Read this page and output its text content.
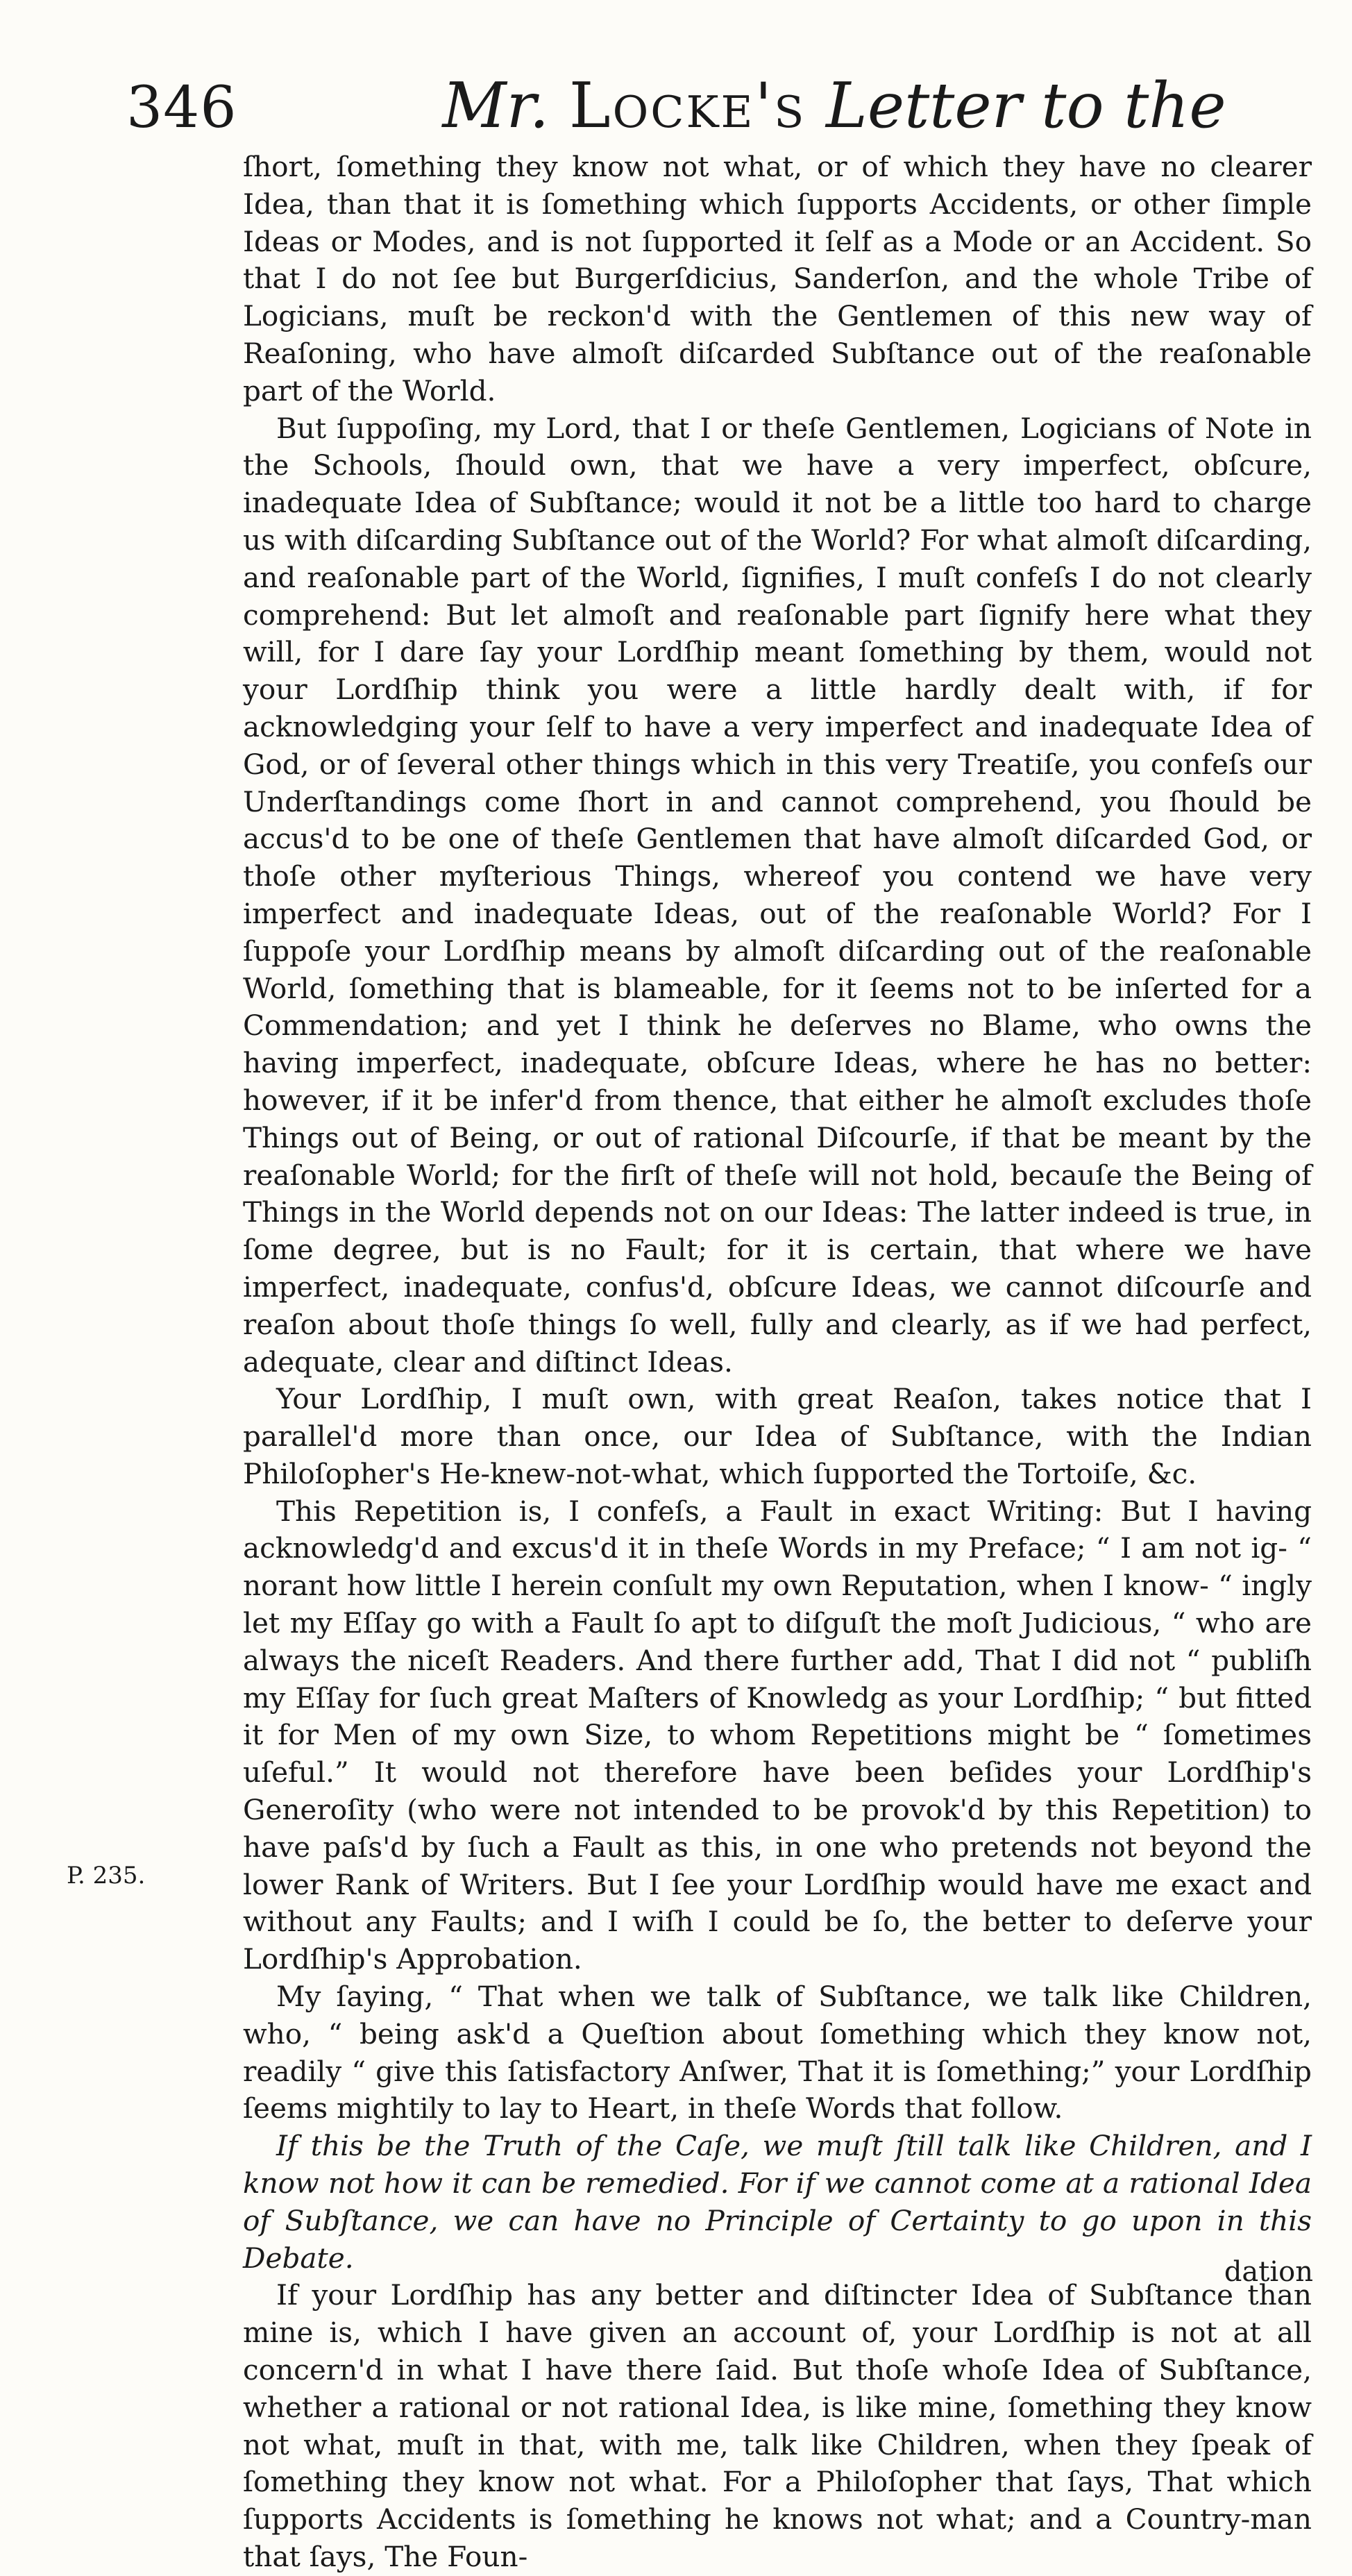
346	Mr. Locke's Letter to the

ſhort, ſomething they know not what, or of which they have no clearer Idea, than that it is ſomething which ſupports Accidents, or other ſimple Ideas or Modes, and is not ſupported it ſelf as a Mode or an Accident. So that I do not ſee but Burgerſdicius, Sanderſon, and the whole Tribe of Logicians, muſt be reckon'd with the Gentlemen of this new way of Reaſoning, who have almoſt diſcarded Subſtance out of the reaſonable part of the World.

But ſuppoſing, my Lord, that I or theſe Gentlemen, Logicians of Note in the Schools, ſhould own, that we have a very imperfect, obſcure, inadequate Idea of Subſtance; would it not be a little too hard to charge us with diſcarding Subſtance out of the World? For what almoſt diſcarding, and reaſonable part of the World, ſignifies, I muſt confeſs I do not clearly comprehend: But let almoſt and reaſonable part ſignify here what they will, for I dare ſay your Lordſhip meant ſomething by them, would not your Lordſhip think you were a little hardly dealt with, if for acknowledging your ſelf to have a very imperfect and inadequate Idea of God, or of ſeveral other things which in this very Treatiſe, you confeſs our Underſtandings come ſhort in and cannot comprehend, you ſhould be accus'd to be one of theſe Gentlemen that have almoſt diſcarded God, or thoſe other myſterious Things, whereof you contend we have very imperfect and inadequate Ideas, out of the reaſonable World? For I ſuppoſe your Lordſhip means by almoſt diſcarding out of the reaſonable World, ſomething that is blameable, for it ſeems not to be inſerted for a Commendation; and yet I think he deſerves no Blame, who owns the having imperfect, inadequate, obſcure Ideas, where he has no better: however, if it be infer'd from thence, that either he almoſt excludes thoſe Things out of Being, or out of rational Diſcourſe, if that be meant by the reaſonable World; for the firſt of theſe will not hold, becauſe the Being of Things in the World depends not on our Ideas: The latter indeed is true, in ſome degree, but is no Fault; for it is certain, that where we have imperfect, inadequate, confus'd, obſcure Ideas, we cannot diſcourſe and reaſon about thoſe things ſo well, fully and clearly, as if we had perfect, adequate, clear and diſtinct Ideas.

Your Lordſhip, I muſt own, with great Reaſon, takes notice that I parallel'd more than once, our Idea of Subſtance, with the Indian Philoſopher's He-knew-not-what, which ſupported the Tortoiſe, &c.

This Repetition is, I confeſs, a Fault in exact Writing: But I having acknowledg'd and excus'd it in theſe Words in my Preface; “ I am not ig- “ norant how little I herein conſult my own Reputation, when I know- “ ingly let my Eſſay go with a Fault ſo apt to diſguſt the moſt Judicious, “ who are always the niceſt Readers. And there further add, That I did not “ publiſh my Eſſay for ſuch great Maſters of Knowledg as your Lordſhip; “ but fitted it for Men of my own Size, to whom Repetitions might be “ ſometimes uſeful.” It would not therefore have been beſides your Lordſhip's Generoſity (who were not intended to be provok'd by this Repetition) to have paſs'd by ſuch a Fault as this, in one who pretends not beyond the lower Rank of Writers. But I ſee your Lordſhip would have me exact and without any Faults; and I wiſh I could be ſo, the better to deſerve your Lordſhip's Approbation.

My ſaying, “ That when we talk of Subſtance, we talk like Children, who, “ being ask'd a Queſtion about ſomething which they know not, readily “ give this ſatisfactory Anſwer, That it is ſomething;” your Lordſhip ſeems mightily to lay to Heart, in theſe Words that follow.

If this be the Truth of the Caſe, we muſt ſtill talk like Children, and I know not how it can be remedied. For if we cannot come at a rational Idea of Subſtance, we can have no Principle of Certainty to go upon in this Debate.

If your Lordſhip has any better and diſtincter Idea of Subſtance than mine is, which I have given an account of, your Lordſhip is not at all concern'd in what I have there ſaid. But thoſe whoſe Idea of Subſtance, whether a rational or not rational Idea, is like mine, ſomething they know not what, muſt in that, with me, talk like Children, when they ſpeak of ſomething they know not what. For a Philoſopher that ſays, That which ſupports Accidents is ſomething he knows not what; and a Country-man that ſays, The Foun-

P. 235.
dation
